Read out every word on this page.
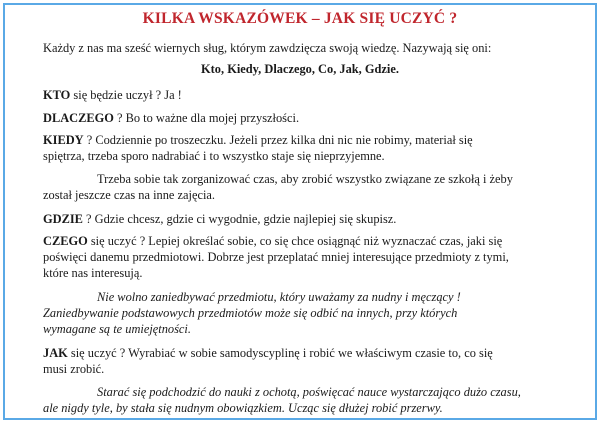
KILKA WSKAZÓWEK – JAK SIĘ UCZYĆ ?
Każdy z nas ma sześć wiernych sług, którym zawdzięcza swoją wiedzę. Nazywają się oni:
Kto, Kiedy, Dlaczego, Co, Jak, Gdzie.
KTO się będzie uczył ? Ja !
DLACZEGO ? Bo to ważne dla mojej przyszłości.
KIEDY ? Codziennie po troszeczku. Jeżeli przez kilka dni nic nie robimy, materiał się
spiętrza, trzeba sporo nadrabiać i to wszystko staje się nieprzyjemne.
Trzeba sobie tak zorganizować czas, aby zrobić wszystko związane ze szkołą i żeby
został jeszcze czas na inne zajęcia.
GDZIE ? Gdzie chcesz, gdzie ci wygodnie, gdzie najlepiej się skupisz.
CZEGO się uczyć ? Lepiej określać sobie, co się chce osiągnąć niż wyznaczać czas, jaki się
poświęci danemu przedmiotowi. Dobrze jest przeplatać mniej interesujące przedmioty z tymi,
które nas interesują.
Nie wolno zaniedbywać przedmiotu, który uważamy za nudny i męczący !
Zaniedbywanie podstawowych przedmiotów może się odbić na innych, przy których
wymagane są te umiejętności.
JAK się uczyć ? Wyrabiać w sobie samodyscyplinę i robić we właściwym czasie to, co się
musi zrobić.
Starać się podchodzić do nauki z ochotą, poświęcać nauce wystarczająco dużo czasu,
ale nigdy tyle, by stała się nudnym obowiązkiem. Ucząc się dłużej robić przerwy.
